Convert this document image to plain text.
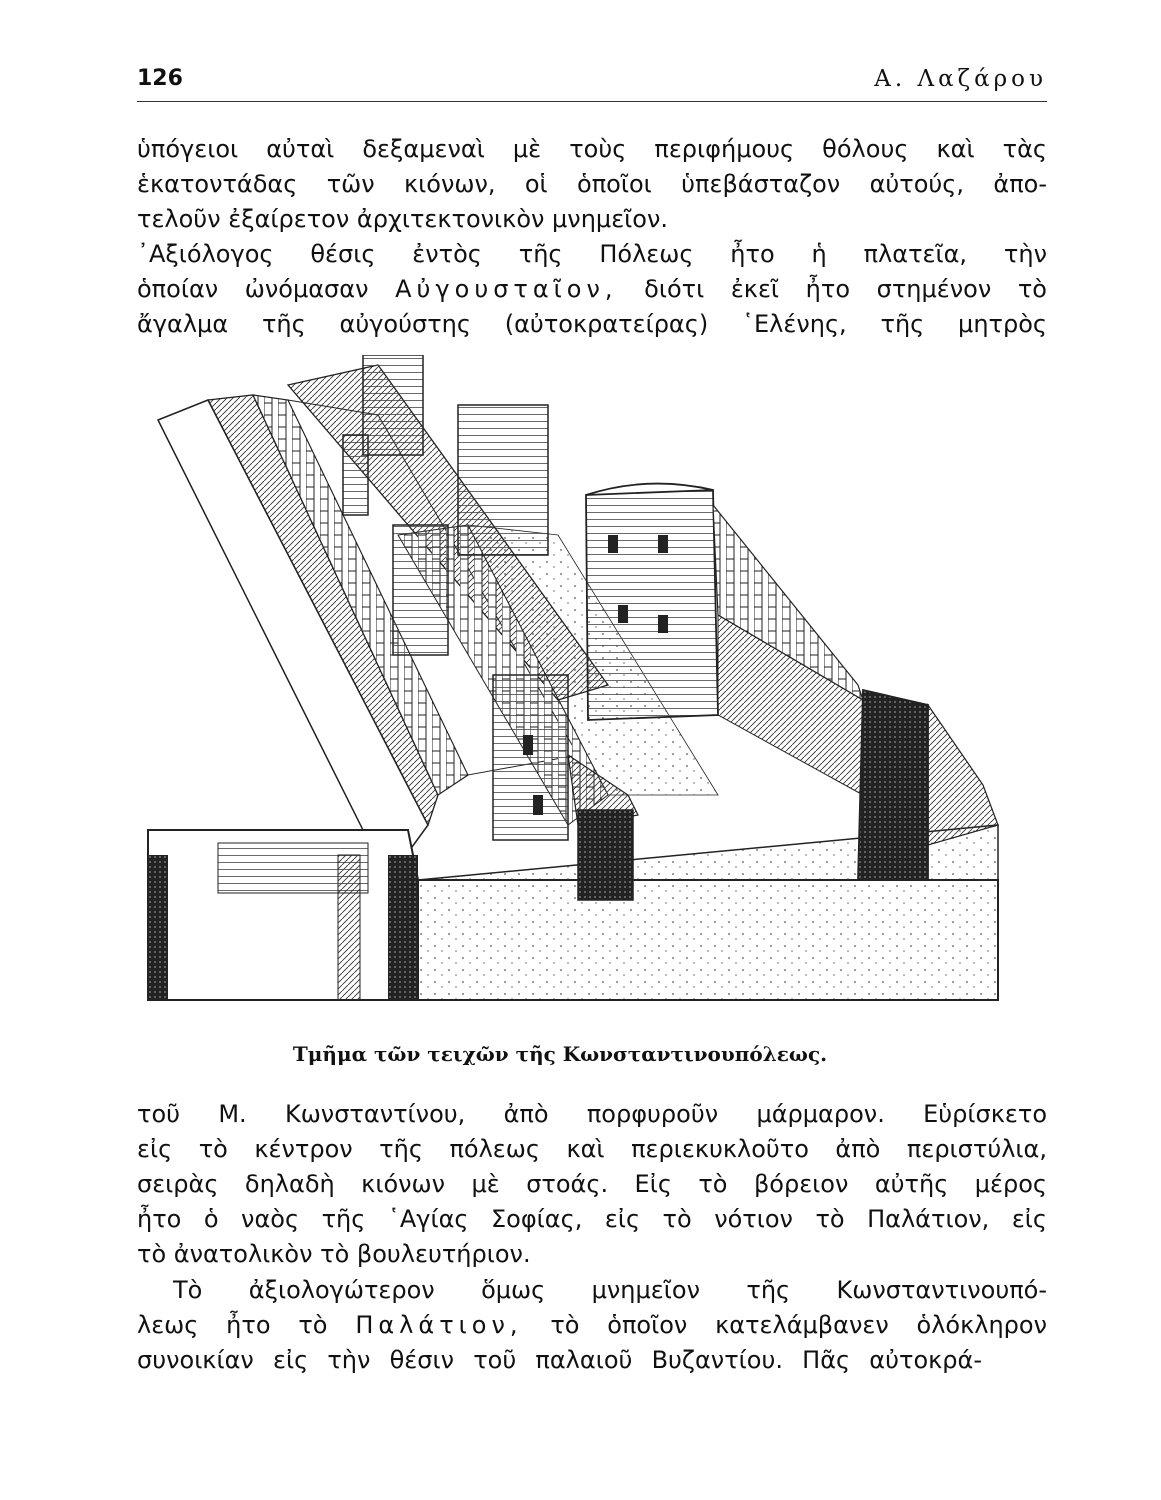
126	Α. Λαζάρου
ὑπόγειοι αὐταὶ δεξαμεναὶ μὲ τοὺς περιφήμους θόλους καὶ τὰς
ἑκατοντάδας τῶν κιόνων, οἱ ὁποῖοι ὑπεβάσταζον αὐτούς, ἀπο-
τελοῦν ἐξαίρετον ἀρχιτεκτονικὸν μνημεῖον.
᾿Αξιόλογος θέσις ἐντὸς τῆς Πόλεως ἦτο ἡ πλατεῖα, τὴν
ὁποίαν ὠνόμασαν Αὐγουσταῖον, διότι ἐκεῖ ἦτο στημένον τὸ
ἄγαλμα τῆς αὐγούστης (αὐτοκρατείρας) ῾Ελένης, τῆς μητρὸς
Τμῆμα τῶν τειχῶν τῆς Κωνσταντινουπόλεως.
τοῦ Μ. Κωνσταντίνου, ἀπὸ πορφυροῦν μάρμαρον. Εὑρίσκετο
εἰς τὸ κέντρον τῆς πόλεως καὶ περιεκυκλοῦτο ἀπὸ περιστύλια,
σειρὰς δηλαδὴ κιόνων μὲ στοάς. Εἰς τὸ βόρειον αὐτῆς μέρος
ἦτο ὁ ναὸς τῆς ῾Αγίας Σοφίας, εἰς τὸ νότιον τὸ Παλάτιον, εἰς
τὸ ἀνατολικὸν τὸ βουλευτήριον.
Τὸ ἀξιολογώτερον ὅμως μνημεῖον τῆς Κωνσταντινουπό-
λεως ἦτο τὸ Παλάτιον, τὸ ὁποῖον κατελάμβανεν ὁλόκληρον
συνοικίαν εἰς τὴν θέσιν τοῦ παλαιοῦ Βυζαντίου. Πᾶς αὐτοκρά-
